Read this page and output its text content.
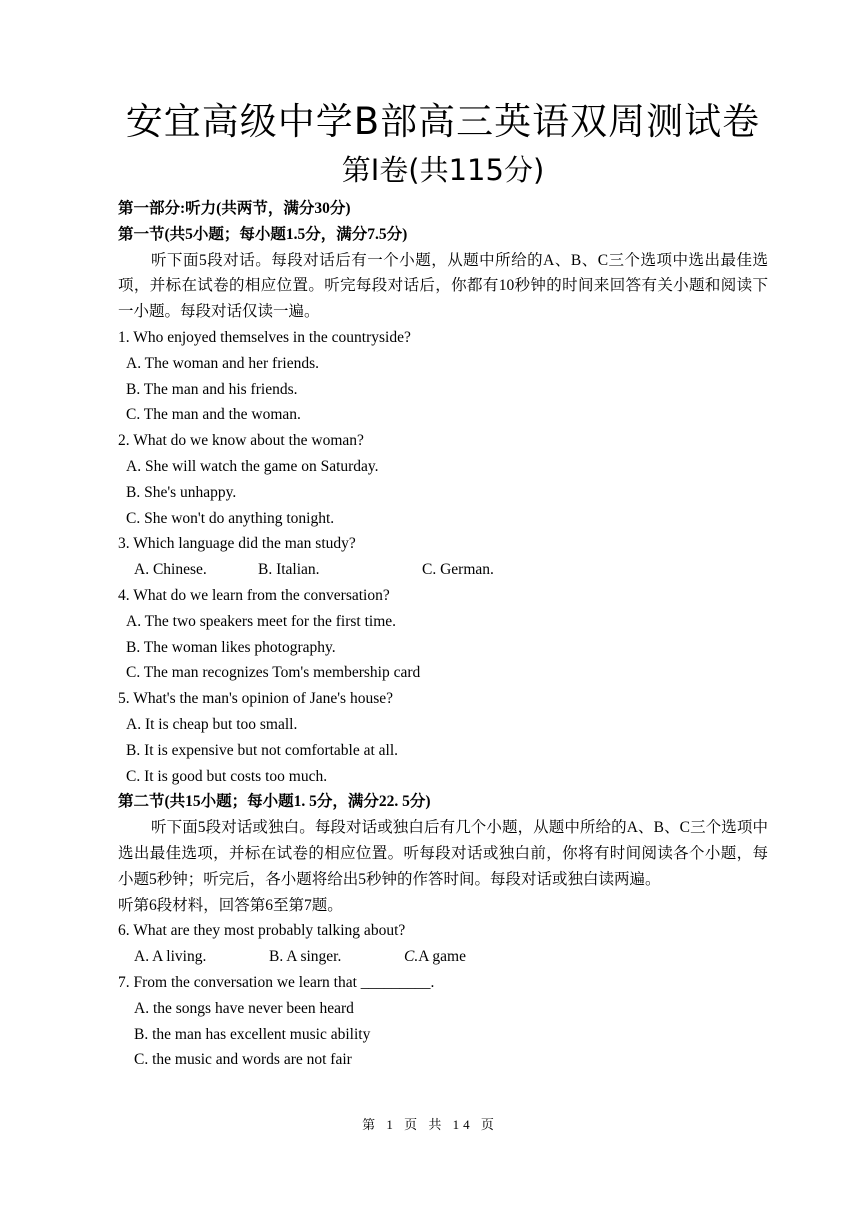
安宜高级中学B部高三英语双周测试卷
第Ⅰ卷(共115分)
第一部分:听力(共两节，满分30分)
第一节(共5小题；每小题1.5分，满分7.5分)
听下面5段对话。每段对话后有一个小题，从题中所给的A、B、C三个选项中选出最佳选项，并标在试卷的相应位置。听完每段对话后，你都有10秒钟的时间来回答有关小题和阅读下一小题。每段对话仅读一遍。
1. Who enjoyed themselves in the countryside?
A. The woman and her friends.
B. The man and his friends.
C. The man and the woman.
2. What do we know about the woman?
A. She will watch the game on Saturday.
B. She's unhappy.
C. She won't do anything tonight.
3. Which language did the man study?
A. Chinese.	B. Italian.	C. German.
4. What do we learn from the conversation?
A. The two speakers meet for the first time.
B. The woman likes photography.
C. The man recognizes Tom's membership card
5. What's the man's opinion of Jane's house?
A. It is cheap but too small.
B. It is expensive but not comfortable at all.
C. It is good but costs too much.
第二节(共15小题；每小题1. 5分，满分22. 5分)
听下面5段对话或独白。每段对话或独白后有几个小题，从题中所给的A、B、C三个选项中选出最佳选项，并标在试卷的相应位置。听每段对话或独白前，你将有时间阅读各个小题，每小题5秒钟；听完后，各小题将给出5秒钟的作答时间。每段对话或独白读两遍。
听第6段材料，回答第6至第7题。
6. What are they most probably talking about?
A. A living.	B. A singer.	C.A game
7. From the conversation we learn that _________.
A. the songs have never been heard
B. the man has excellent music ability
C. the music and words are not fair
第 1 页 共 14 页
